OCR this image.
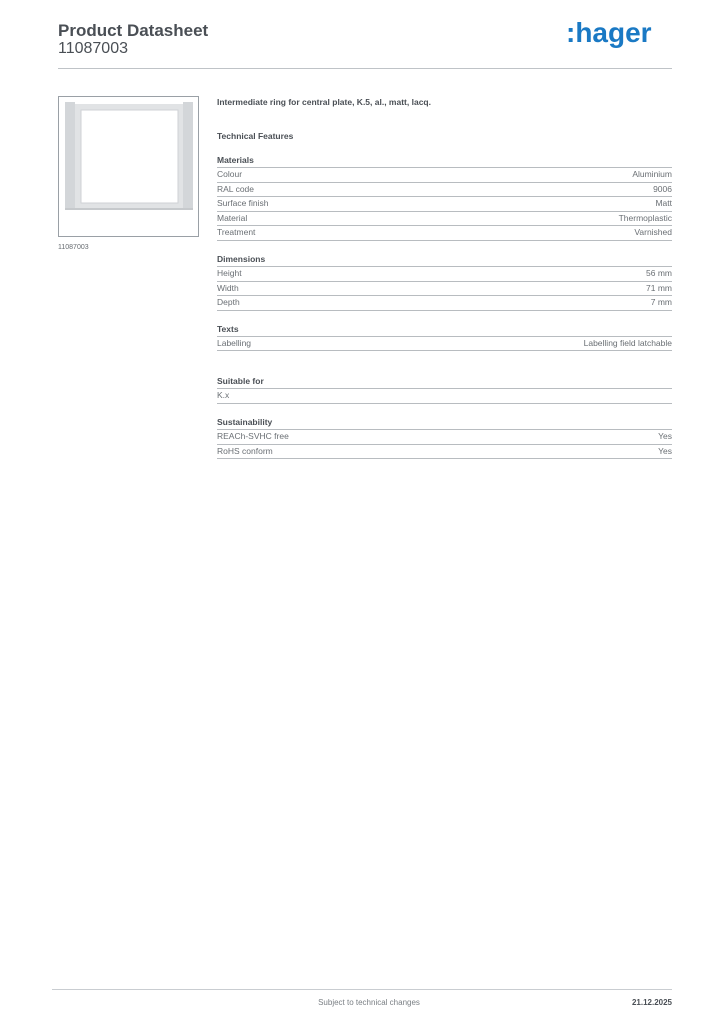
Product Datasheet
11087003
:hager
11087003
Intermediate ring for central plate, K.5, al., matt, lacq.
Technical Features
Materials
Colour	Aluminium
RAL code	9006
Surface finish	Matt
Material	Thermoplastic
Treatment	Varnished
Dimensions
Height	56 mm
Width	71 mm
Depth	7 mm
Texts
Labelling	Labelling field latchable
Suitable for
K.x
Sustainability
REACh-SVHC free	Yes
RoHS conform	Yes
Subject to technical changes	21.12.2025
